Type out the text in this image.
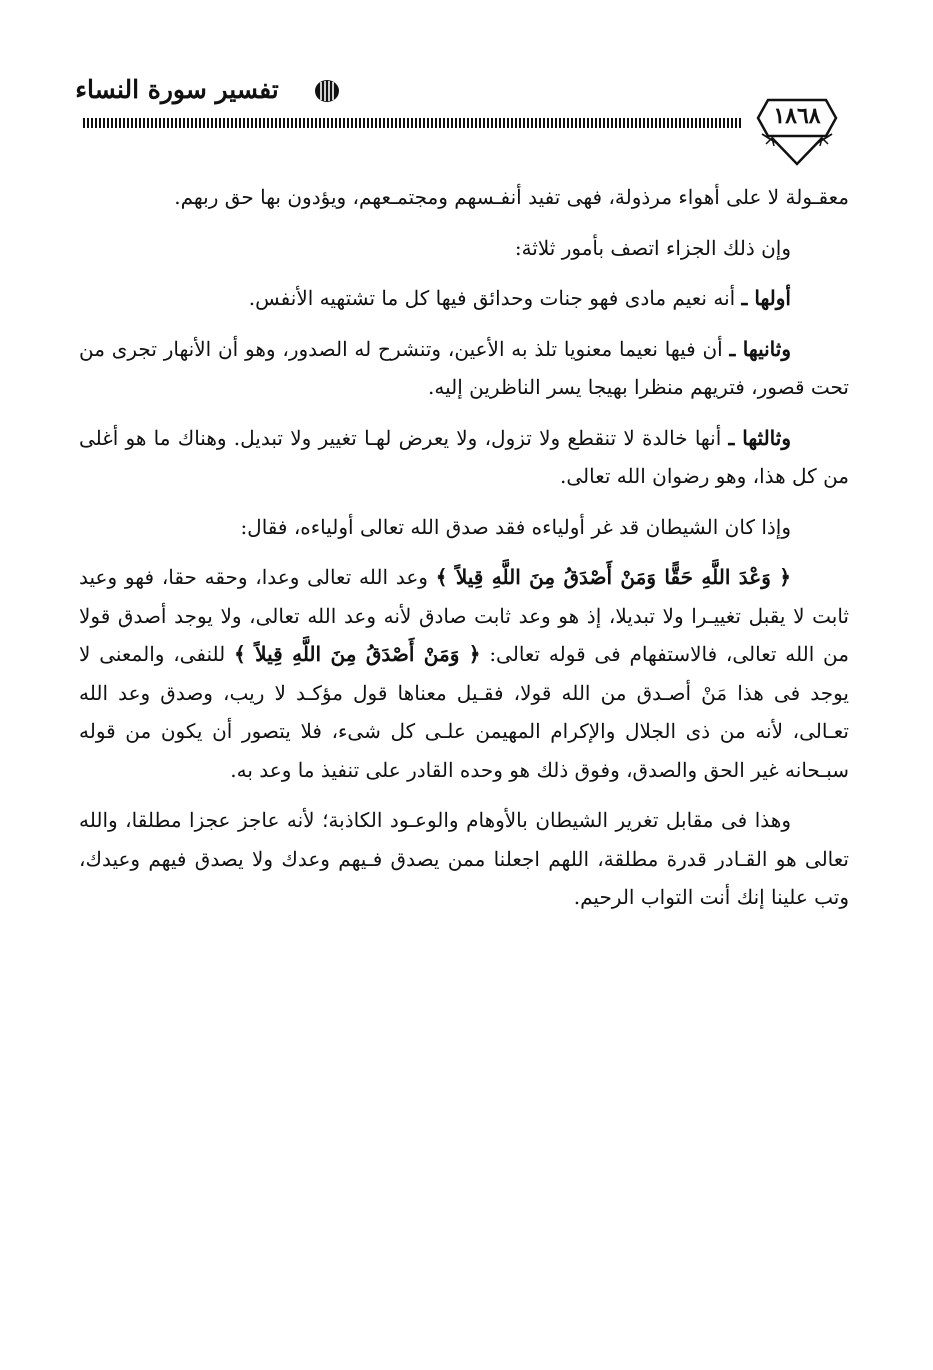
تفسير سورة النساء
١٨٦٨

معقـولة لا على أهواء مرذولة، فهى تفيد أنفـسهم ومجتمـعهم، ويؤدون بها حق ربهم.

وإن ذلك الجزاء اتصف بأمور ثلاثة:

أولها ـ أنه نعيم مادى فهو جنات وحدائق فيها كل ما تشتهيه الأنفس.

وثانيها ـ أن فيها نعيما معنويا تلذ به الأعين، وتنشرح له الصدور، وهو أن الأنهار تجرى من تحت قصور، فتريهم منظرا بهيجا يسر الناظرين إليه.

وثالثها ـ أنها خالدة لا تنقطع ولا تزول، ولا يعرض لهـا تغيير ولا تبديل. وهناك ما هو أغلى من كل هذا، وهو رضوان الله تعالى.

وإذا كان الشيطان قد غر أولياءه فقد صدق الله تعالى أولياءه، فقال:

﴿ وَعْدَ اللَّهِ حَقًّا وَمَنْ أَصْدَقُ مِنَ اللَّهِ قِيلاً ﴾ وعد الله تعالى وعدا، وحقه حقا، فهو وعيد ثابت لا يقبل تغييـرا ولا تبديلا، إذ هو وعد ثابت صادق لأنه وعد الله تعالى، ولا يوجد أصدق قولا من الله تعالى، فالاستفهام فى قوله تعالى: ﴿ وَمَنْ أَصْدَقُ مِنَ اللَّهِ قِيلاً ﴾ للنفى، والمعنى لا يوجد فى هذا مَنْ أصـدق من الله قولا، فقـيل معناها قول مؤكـد لا ريب، وصدق وعد الله تعـالى، لأنه من ذى الجلال والإكرام المهيمن علـى كل شىء، فلا يتصور أن يكون من قوله سبـحانه غير الحق والصدق، وفوق ذلك هو وحده القادر على تنفيذ ما وعد به.

وهذا فى مقابل تغرير الشيطان بالأوهام والوعـود الكاذبة؛ لأنه عاجز عجزا مطلقا، والله تعالى هو القـادر قدرة مطلقة، اللهم اجعلنا ممن يصدق فـيهم وعدك ولا يصدق فيهم وعيدك، وتب علينا إنك أنت التواب الرحيم.
